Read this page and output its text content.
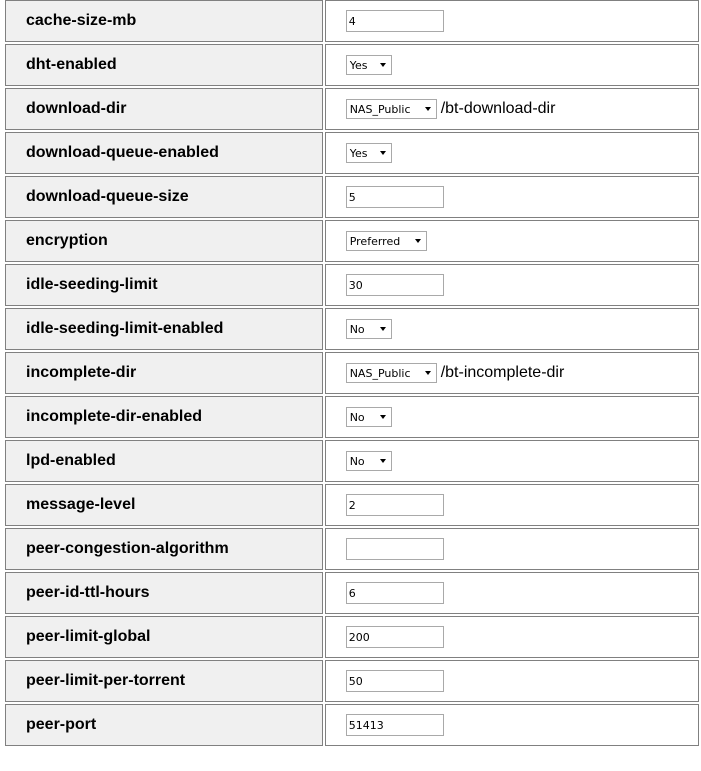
cache-size-mb	4
dht-enabled	Yes

download-dir	NAS_Public /bt-download-dir
download-queue-enabled	Yes

download-queue-size	5
encryption	Preferred

idle-seeding-limit	30
idle-seeding-limit-enabled	No

incomplete-dir	NAS_Public /bt-incomplete-dir
incomplete-dir-enabled	No

lpd-enabled	No

message-level	2
peer-congestion-algorithm	
peer-id-ttl-hours	6
peer-limit-global	200
peer-limit-per-torrent	50
peer-port	51413
